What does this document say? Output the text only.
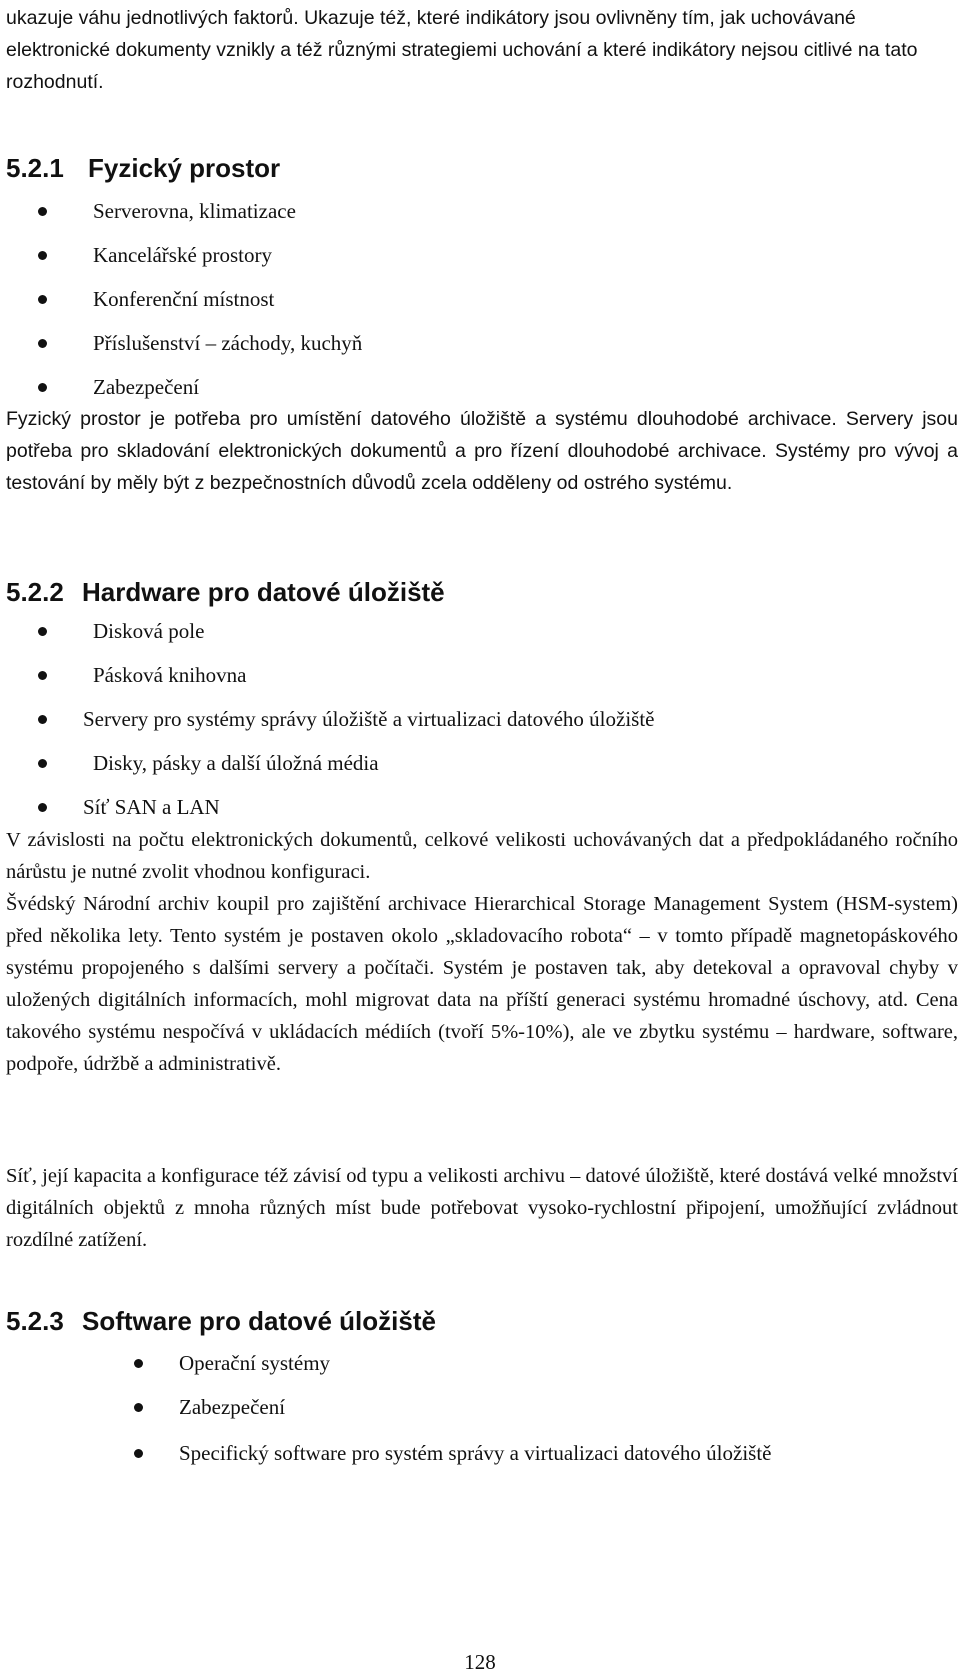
ukazuje váhu jednotlivých faktorů. Ukazuje též, které indikátory jsou ovlivněny tím, jak uchovávané elektronické dokumenty vznikly a též různými strategiemi uchování a které indikátory nejsou citlivé na tato rozhodnutí.

5.2.1 Fyzický prostor
Serverovna, klimatizace
Kancelářské prostory
Konferenční místnost
Příslušenství – záchody, kuchyň
Zabezpečení

Fyzický prostor je potřeba pro umístění datového úložiště a systému dlouhodobé archivace. Servery jsou potřeba pro skladování elektronických dokumentů a pro řízení dlouhodobé archivace. Systémy pro vývoj a testování by měly být z bezpečnostních důvodů zcela odděleny od ostrého systému.

5.2.2 Hardware pro datové úložiště
Disková pole
Pásková knihovna
Servery pro systémy správy úložiště a virtualizaci datového úložiště
Disky, pásky a další úložná média
Síť SAN a LAN

V závislosti na počtu elektronických dokumentů, celkové velikosti uchovávaných dat a předpokládaného ročního nárůstu je nutné zvolit vhodnou konfiguraci.

Švédský Národní archiv koupil pro zajištění archivace Hierarchical Storage Management System (HSM-system) před několika lety. Tento systém je postaven okolo „skladovacího robota“ – v tomto případě magnetopáskového systému propojeného s dalšími servery a počítači. Systém je postaven tak, aby detekoval a opravoval chyby v uložených digitálních informacích, mohl migrovat data na příští generaci systému hromadné úschovy, atd. Cena takového systému nespočívá v ukládacích médiích (tvoří 5%-10%), ale ve zbytku systému – hardware, software, podpoře, údržbě a administrativě.

Síť, její kapacita a konfigurace též závisí od typu a velikosti archivu – datové úložiště, které dostává velké množství digitálních objektů z mnoha různých míst bude potřebovat vysoko-rychlostní připojení, umožňující zvládnout rozdílné zatížení.

5.2.3 Software pro datové úložiště
Operační systémy
Zabezpečení
Specifický software pro systém správy a virtualizaci datového úložiště
128
